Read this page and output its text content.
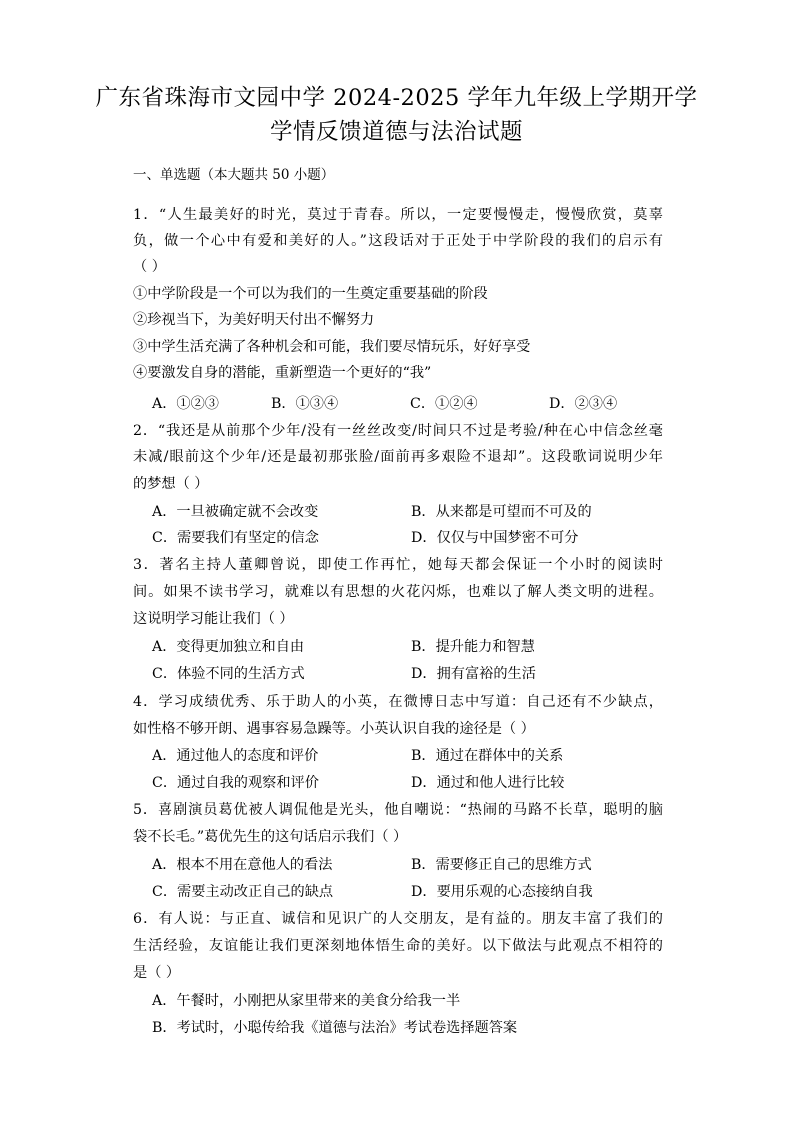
广东省珠海市文园中学 2024-2025 学年九年级上学期开学
学情反馈道德与法治试题
一、单选题（本大题共 50 小题）
1．“人生最美好的时光，莫过于青春。所以，一定要慢慢走，慢慢欣赏，莫辜
负，做一个心中有爱和美好的人。”这段话对于正处于中学阶段的我们的启示有
（ ）
①中学阶段是一个可以为我们的一生奠定重要基础的阶段
②珍视当下，为美好明天付出不懈努力
③中学生活充满了各种机会和可能，我们要尽情玩乐，好好享受
④要激发自身的潜能，重新塑造一个更好的“我”
A．①②③	B．①③④	C．①②④	D．②③④
2．“我还是从前那个少年/没有一丝丝改变/时间只不过是考验/种在心中信念丝毫
未减/眼前这个少年/还是最初那张脸/面前再多艰险不退却”。这段歌词说明少年
的梦想（ ）
A．一旦被确定就不会改变	B．从来都是可望而不可及的
C．需要我们有坚定的信念	D．仅仅与中国梦密不可分
3．著名主持人董卿曾说，即使工作再忙，她每天都会保证一个小时的阅读时
间。如果不读书学习，就难以有思想的火花闪烁，也难以了解人类文明的进程。
这说明学习能让我们（ ）
A．变得更加独立和自由	B．提升能力和智慧
C．体验不同的生活方式	D．拥有富裕的生活
4．学习成绩优秀、乐于助人的小英，在微博日志中写道：自己还有不少缺点，
如性格不够开朗、遇事容易急躁等。小英认识自我的途径是（ ）
A．通过他人的态度和评价	B．通过在群体中的关系
C．通过自我的观察和评价	D．通过和他人进行比较
5．喜剧演员葛优被人调侃他是光头，他自嘲说：“热闹的马路不长草，聪明的脑
袋不长毛。”葛优先生的这句话启示我们（ ）
A．根本不用在意他人的看法	B．需要修正自己的思维方式
C．需要主动改正自己的缺点	D．要用乐观的心态接纳自我
6．有人说：与正直、诚信和见识广的人交朋友，是有益的。朋友丰富了我们的
生活经验，友谊能让我们更深刻地体悟生命的美好。以下做法与此观点不相符的
是（ ）
A．午餐时，小刚把从家里带来的美食分给我一半
B．考试时，小聪传给我《道德与法治》考试卷选择题答案
